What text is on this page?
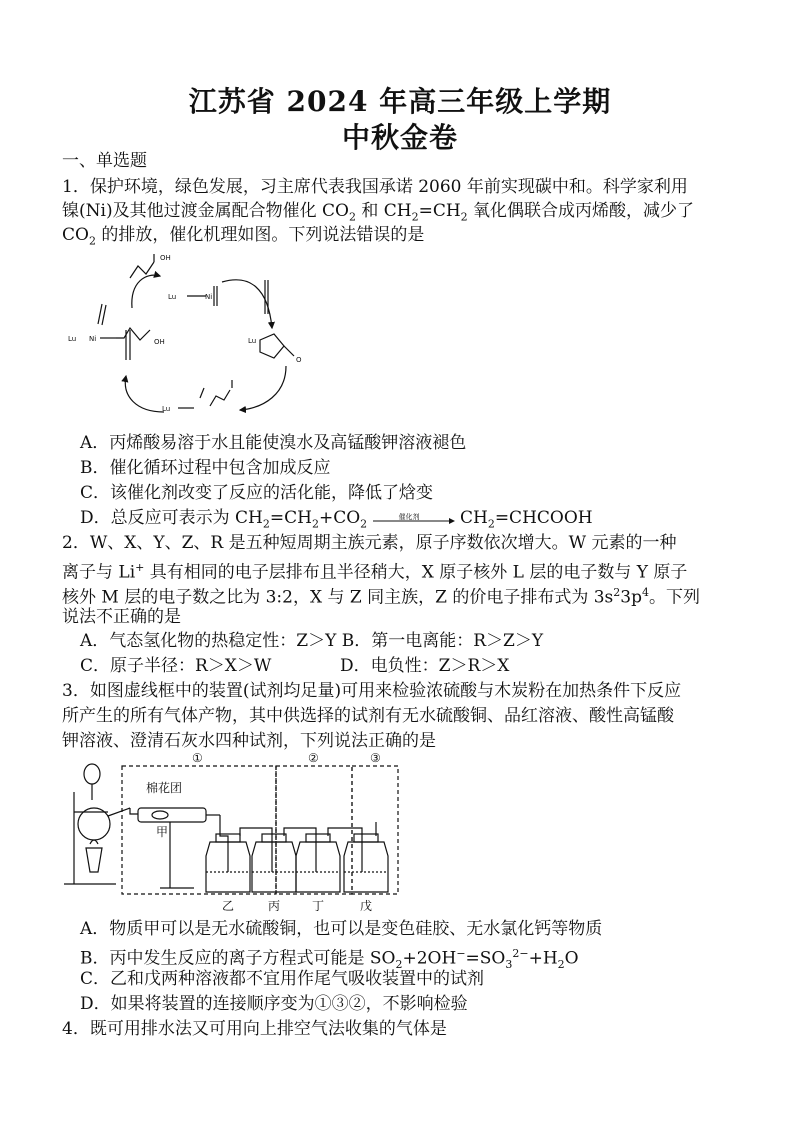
江苏省 2024 年高三年级上学期
中秋金卷
一、单选题
1．保护环境，绿色发展，习主席代表我国承诺 2060 年前实现碳中和。科学家利用
镍(Ni)及其他过渡金属配合物催化 $CO_2$ 和 $CH_2=CH_2$ 氧化偶联合成丙烯酸，减少了
$CO_2$ 的排放，催化机理如图。下列说法错误的是
OH
Lu	Ni
Lu
O
Lu Ni	OH
Lu
A．丙烯酸易溶于水且能使溴水及高锰酸钾溶液褪色
B．催化循环过程中包含加成反应
C．该催化剂改变了反应的活化能，降低了焓变
D．总反应可表示为 $CH_2=CH_2+CO_2$
催化剂 $CH_2=CHCOOH$
2．W、X、Y、Z、R 是五种短周期主族元素，原子序数依次增大。W 元素的一种
离子与 Li+ 具有相同的电子层排布且半径稍大，X 原子核外 L 层的电子数与 Y 原子
核外 M 层的电子数之比为 3:2，X 与 Z 同主族，Z 的价电子排布式为 $3s^23p^4$。下列
说法不正确的是
A．气态氢化物的热稳定性：Z＞Y B．第一电离能：R＞Z＞Y
C．原子半径：R＞X＞W	D．电负性：Z＞R＞X
3．如图虚线框中的装置(试剂均足量)可用来检验浓硫酸与木炭粉在加热条件下反应
所产生的所有气体产物，其中供选择的试剂有无水硫酸铜、品红溶液、酸性高锰酸
钾溶液、澄清石灰水四种试剂，下列说法正确的是
①	②	③
棉花团
甲
乙	丙	丁	戊
A．物质甲可以是无水硫酸铜，也可以是变色硅胶、无水氯化钙等物质
B．丙中发生反应的离子方程式可能是 $SO_2+2OH^-=SO_3^{2-}+H_2O$
C．乙和戊两种溶液都不宜用作尾气吸收装置中的试剂
D．如果将装置的连接顺序变为①③②，不影响检验
4．既可用排水法又可用向上排空气法收集的气体是
